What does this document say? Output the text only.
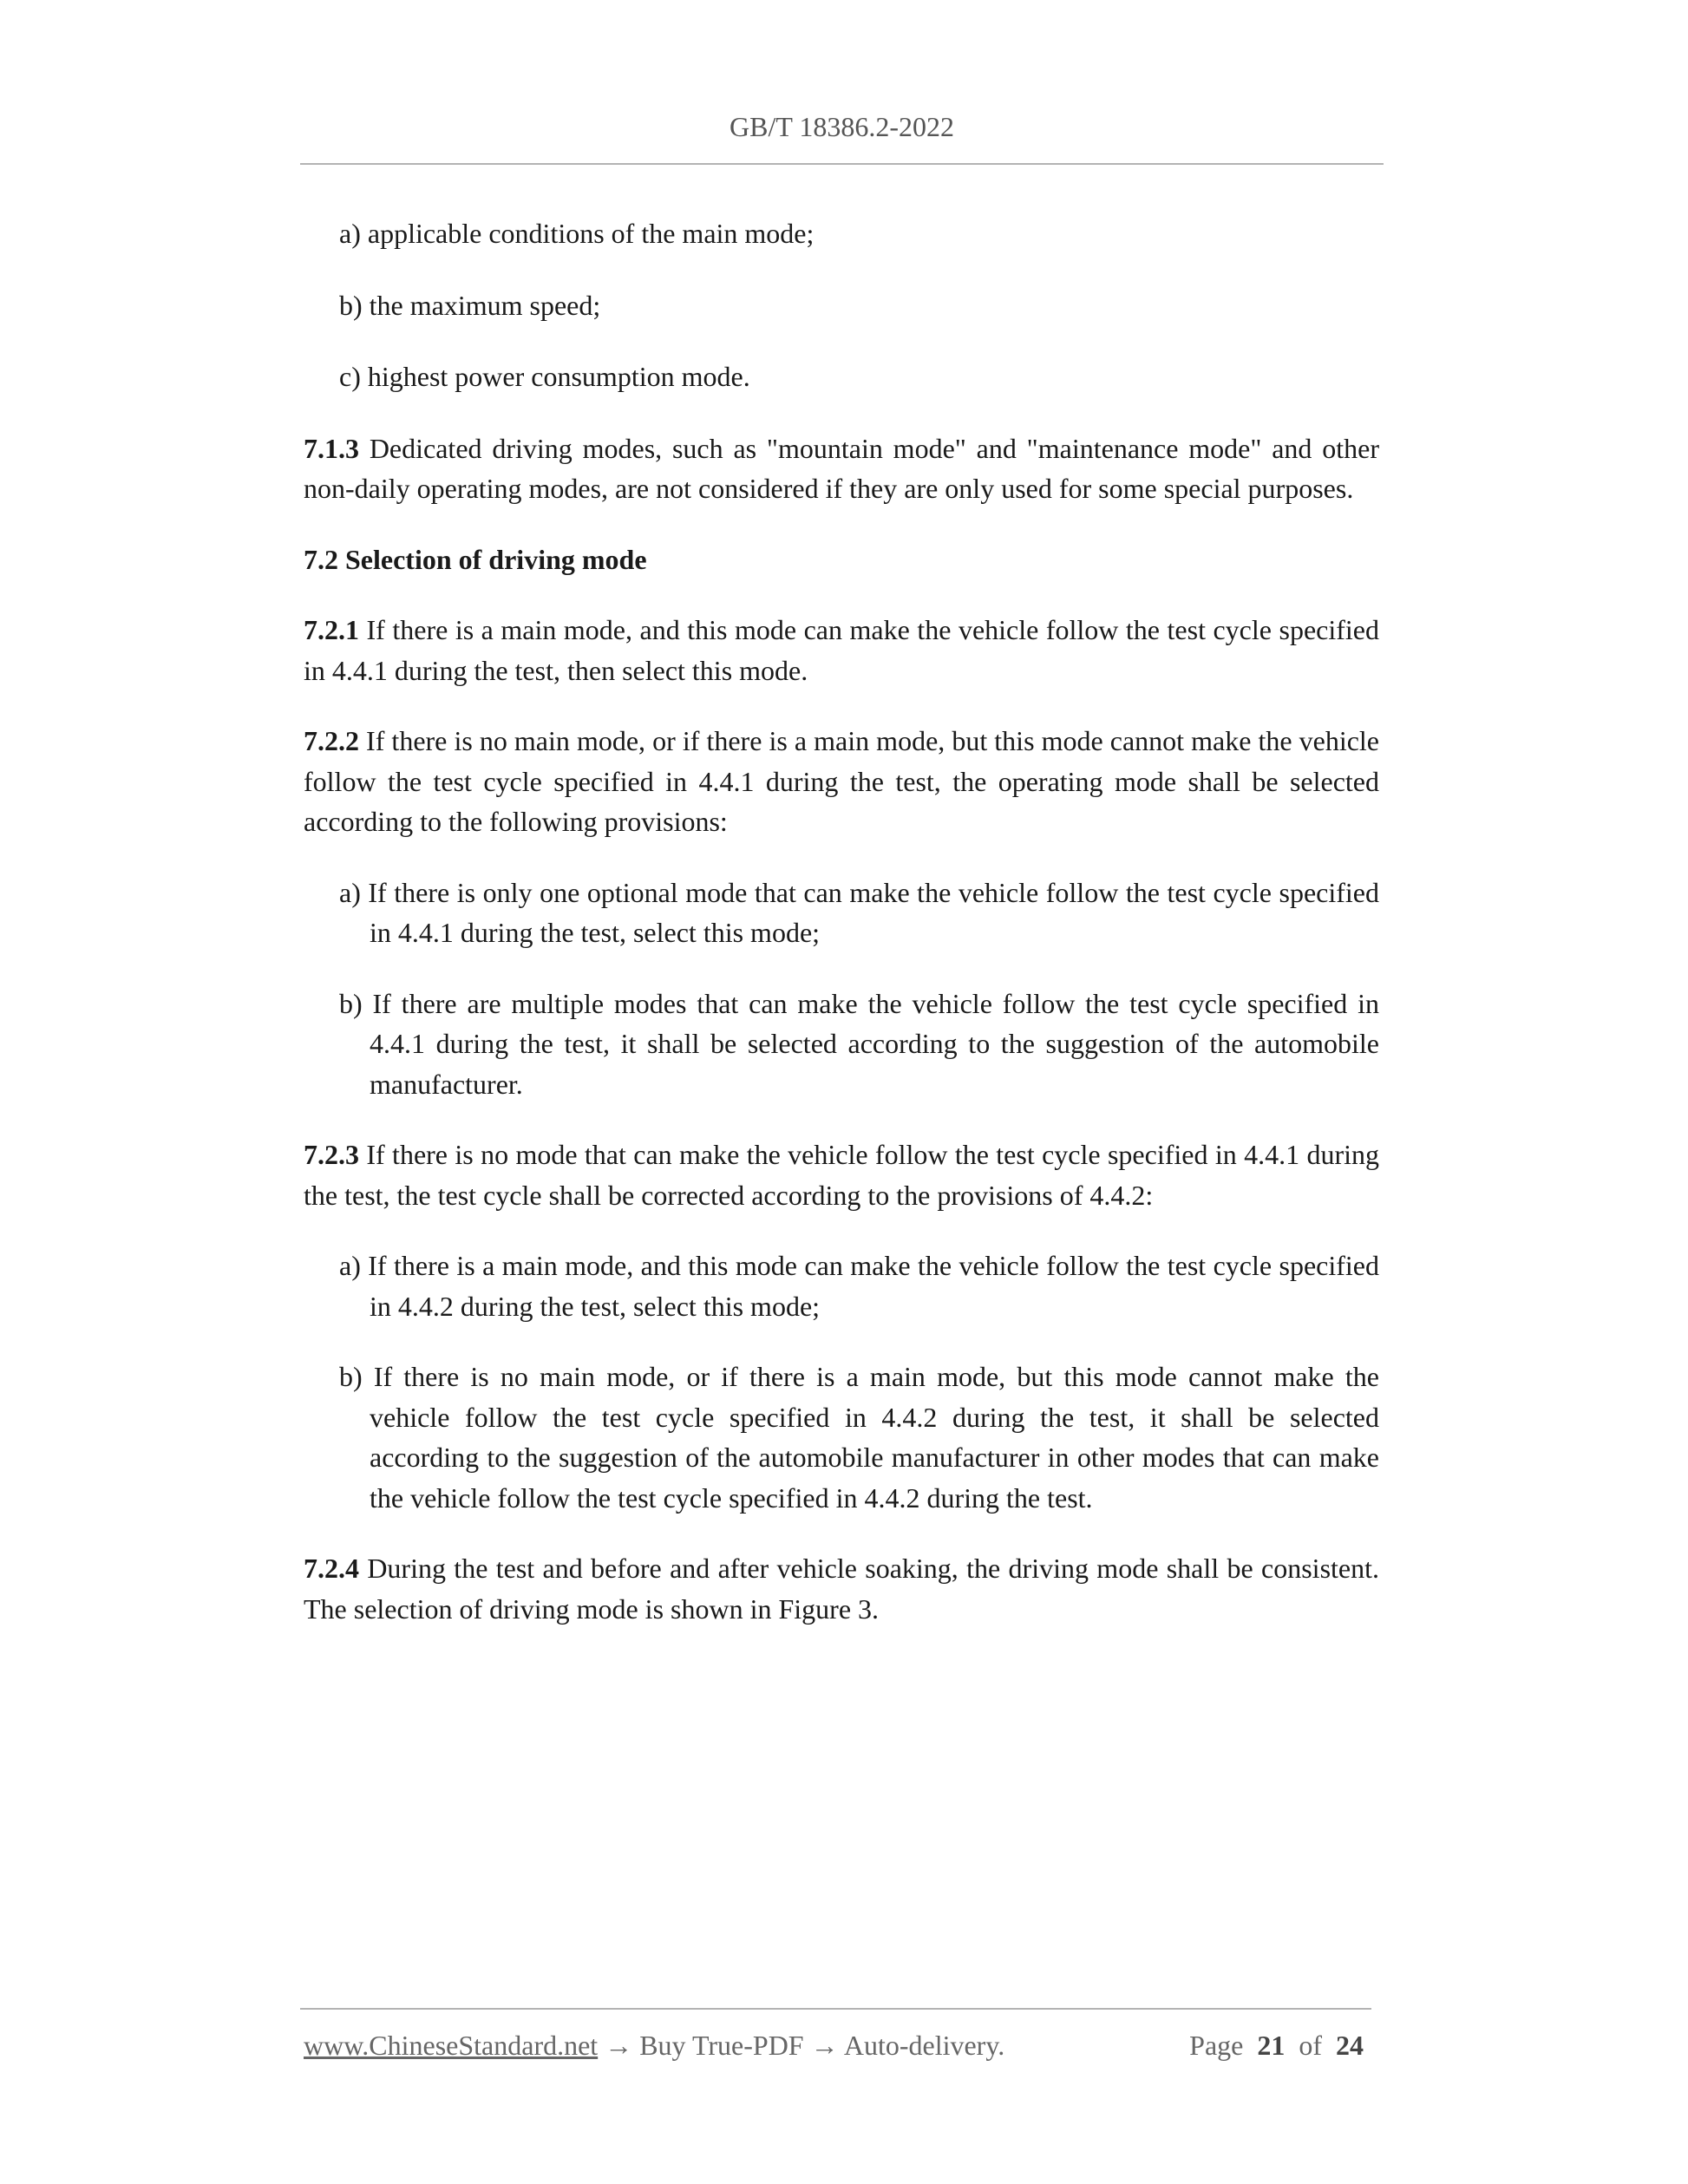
GB/T 18386.2-2022

a) applicable conditions of the main mode;

b) the maximum speed;

c) highest power consumption mode.

7.1.3 Dedicated driving modes, such as "mountain mode" and "maintenance mode" and other non-daily operating modes, are not considered if they are only used for some special purposes.

7.2 Selection of driving mode

7.2.1 If there is a main mode, and this mode can make the vehicle follow the test cycle specified in 4.4.1 during the test, then select this mode.

7.2.2 If there is no main mode, or if there is a main mode, but this mode cannot make the vehicle follow the test cycle specified in 4.4.1 during the test, the operating mode shall be selected according to the following provisions:

a) If there is only one optional mode that can make the vehicle follow the test cycle specified in 4.4.1 during the test, select this mode;

b) If there are multiple modes that can make the vehicle follow the test cycle specified in 4.4.1 during the test, it shall be selected according to the suggestion of the automobile manufacturer.

7.2.3 If there is no mode that can make the vehicle follow the test cycle specified in 4.4.1 during the test, the test cycle shall be corrected according to the provisions of 4.4.2:

a) If there is a main mode, and this mode can make the vehicle follow the test cycle specified in 4.4.2 during the test, select this mode;

b) If there is no main mode, or if there is a main mode, but this mode cannot make the vehicle follow the test cycle specified in 4.4.2 during the test, it shall be selected according to the suggestion of the automobile manufacturer in other modes that can make the vehicle follow the test cycle specified in 4.4.2 during the test.

7.2.4 During the test and before and after vehicle soaking, the driving mode shall be consistent. The selection of driving mode is shown in Figure 3.

www.ChineseStandard.net → Buy True-PDF → Auto-delivery.	Page 21 of 24
